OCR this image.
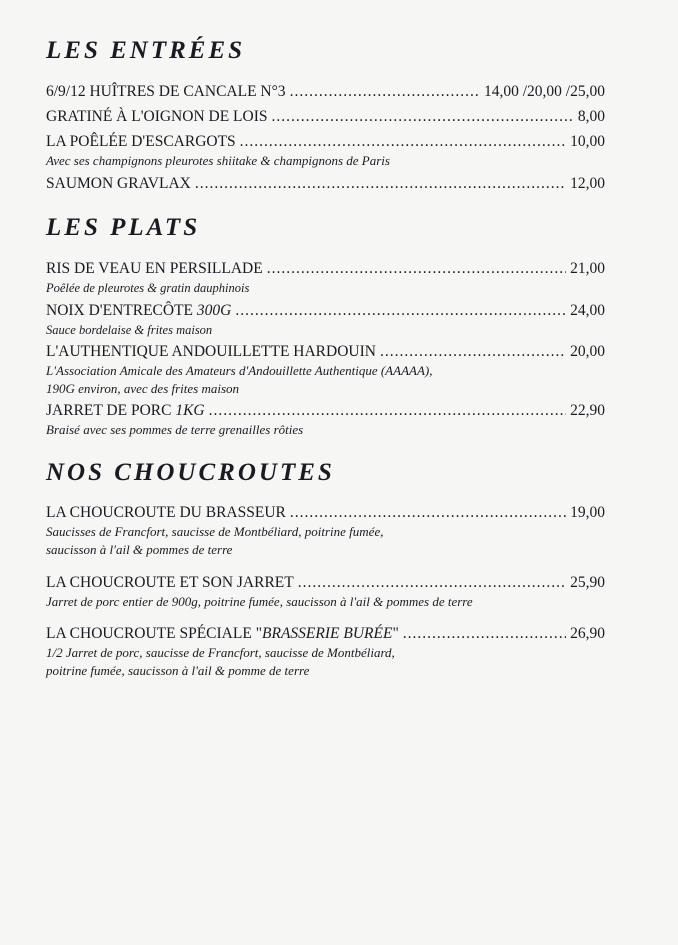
LES ENTRÉES
6/9/12 HUÎTRES DE CANCALE N°3 .....	14,00 /20,00 /25,00
GRATINÉ À L'OIGNON DE LOIS .....	8,00
LA POÊLÉE D'ESCARGOTS .....	10,00

Avec ses champignons pleurotes shiitake & champignons de Paris

SAUMON GRAVLAX .....	12,00
LES PLATS
RIS DE VEAU EN PERSILLADE .....	21,00

Poêlée de pleurotes & gratin dauphinois

NOIX D'ENTRECÔTE 300G .....	24,00

Sauce bordelaise & frites maison

L'AUTHENTIQUE ANDOUILLETTE HARDOUIN .....	20,00

L'Association Amicale des Amateurs d'Andouillette Authentique (AAAAA),

190G environ, avec des frites maison

JARRET DE PORC 1KG .....	22,90

Braisé avec ses pommes de terre grenailles rôties

NOS CHOUCROUTES
LA CHOUCROUTE DU BRASSEUR .....	19,00

Saucisses de Francfort, saucisse de Montbéliard, poitrine fumée,

saucisson à l'ail & pommes de terre

LA CHOUCROUTE ET SON JARRET .....	25,90

Jarret de porc entier de 900g, poitrine fumée, saucisson à l'ail & pommes de terre

LA CHOUCROUTE SPÉCIALE "BRASSERIE BURÉE" .....	26,90

1/2 Jarret de porc, saucisse de Francfort, saucisse de Montbéliard,

poitrine fumée, saucisson à l'ail & pomme de terre
